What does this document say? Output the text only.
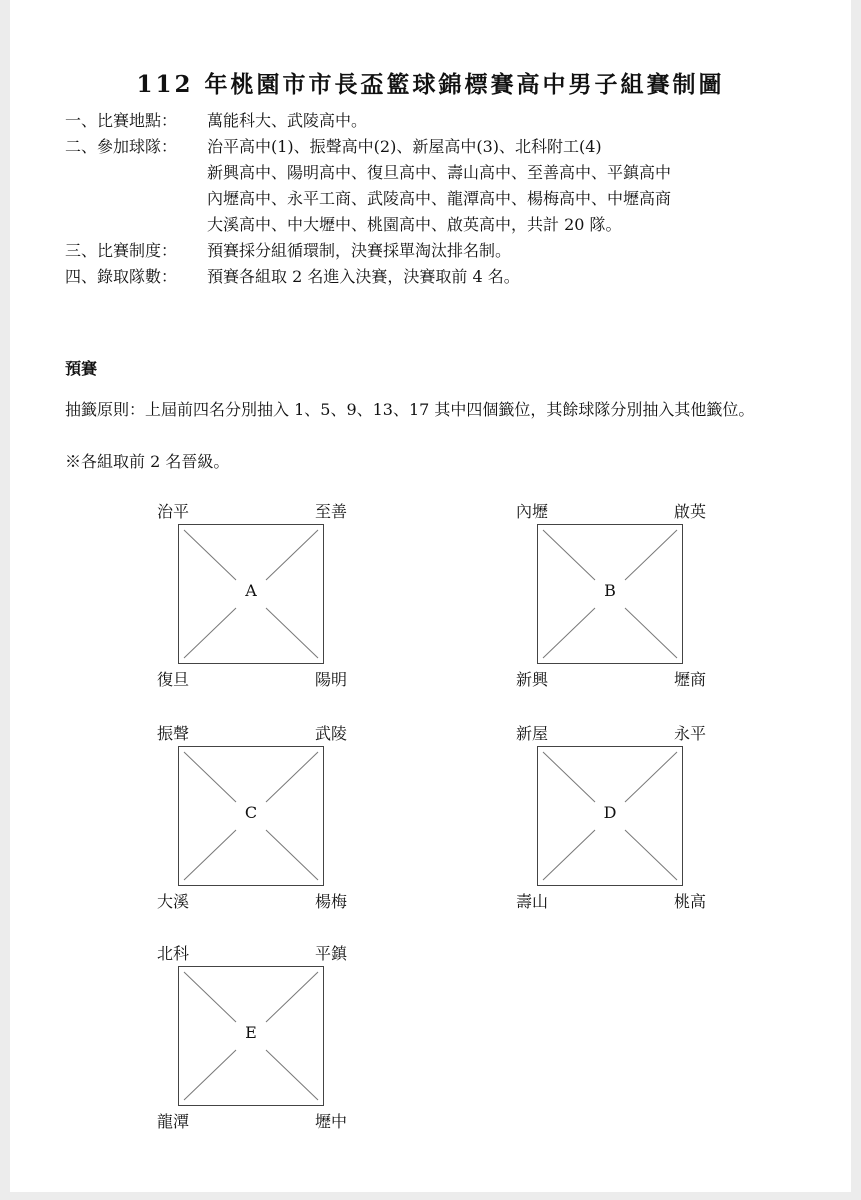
112 年桃園市市長盃籃球錦標賽高中男子組賽制圖
一、比賽地點：	萬能科大、武陵高中。
二、參加球隊：	治平高中(1)、振聲高中(2)、新屋高中(3)、北科附工(4)
新興高中、陽明高中、復旦高中、壽山高中、至善高中、平鎮高中
內壢高中、永平工商、武陵高中、龍潭高中、楊梅高中、中壢高商
大溪高中、中大壢中、桃園高中、啟英高中，共計 20 隊。
三、比賽制度：	預賽採分組循環制，決賽採單淘汰排名制。
四、錄取隊數：	預賽各組取 2 名進入決賽，決賽取前 4 名。
預賽
抽籤原則：上屆前四名分別抽入 1、5、9、13、17 其中四個籤位，其餘球隊分別抽入其他籤位。
※各組取前 2 名晉級。
治平	至善
A
復旦	陽明
內壢	啟英
B
新興	壢商
振聲	武陵
C
大溪	楊梅
新屋	永平
D
壽山	桃高
北科	平鎮
E
龍潭	壢中
